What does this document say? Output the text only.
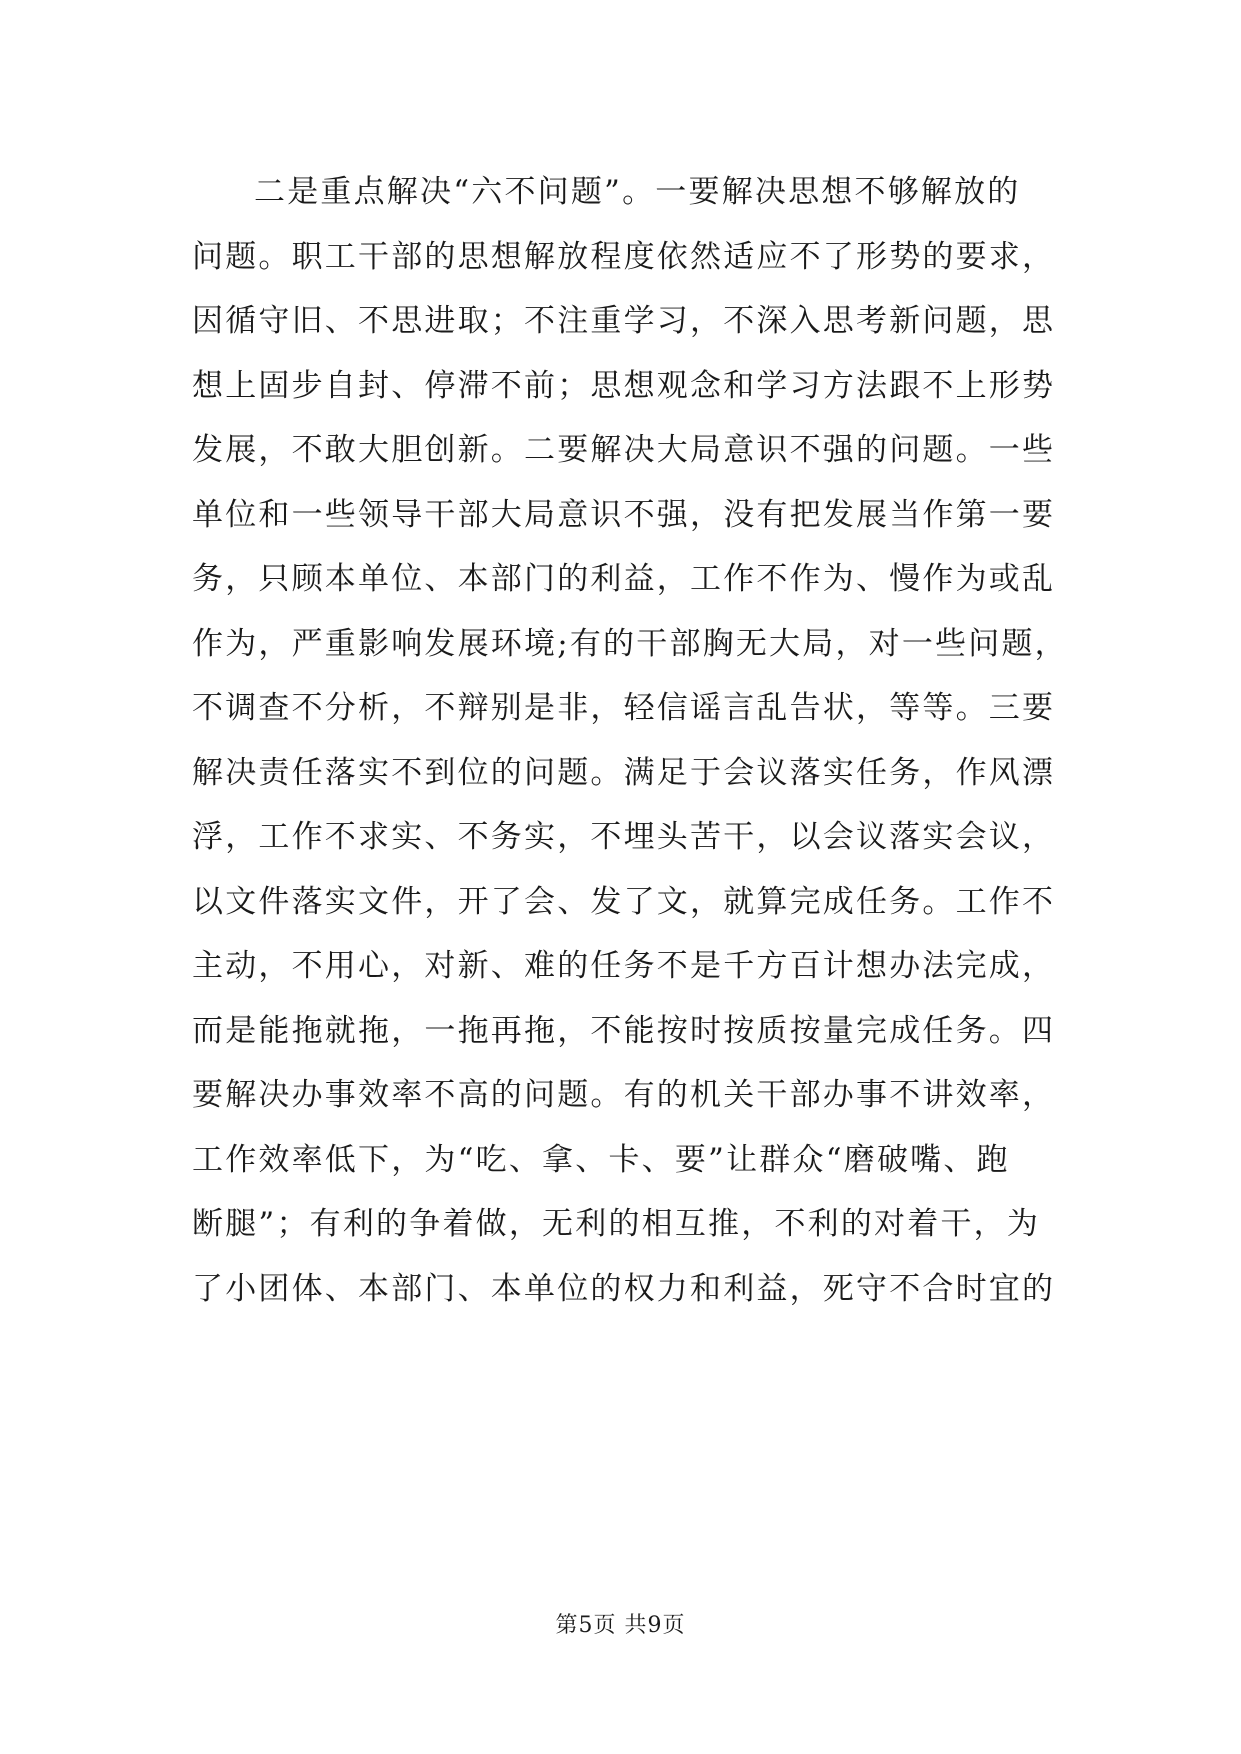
二是重点解决“六不问题”。一要解决思想不够解放的
问题。职工干部的思想解放程度依然适应不了形势的要求，
因循守旧、不思进取；不注重学习，不深入思考新问题，思
想上固步自封、停滞不前；思想观念和学习方法跟不上形势
发展，不敢大胆创新。二要解决大局意识不强的问题。一些
单位和一些领导干部大局意识不强，没有把发展当作第一要
务，只顾本单位、本部门的利益，工作不作为、慢作为或乱
作为，严重影响发展环境;有的干部胸无大局，对一些问题，
不调查不分析，不辩别是非，轻信谣言乱告状，等等。三要
解决责任落实不到位的问题。满足于会议落实任务，作风漂
浮，工作不求实、不务实，不埋头苦干，以会议落实会议，
以文件落实文件，开了会、发了文，就算完成任务。工作不
主动，不用心，对新、难的任务不是千方百计想办法完成，
而是能拖就拖，一拖再拖，不能按时按质按量完成任务。四
要解决办事效率不高的问题。有的机关干部办事不讲效率，
工作效率低下，为“吃、拿、卡、要”让群众“磨破嘴、跑
断腿”；有利的争着做，无利的相互推，不利的对着干，为
了小团体、本部门、本单位的权力和利益，死守不合时宜的
第5页 共9页
